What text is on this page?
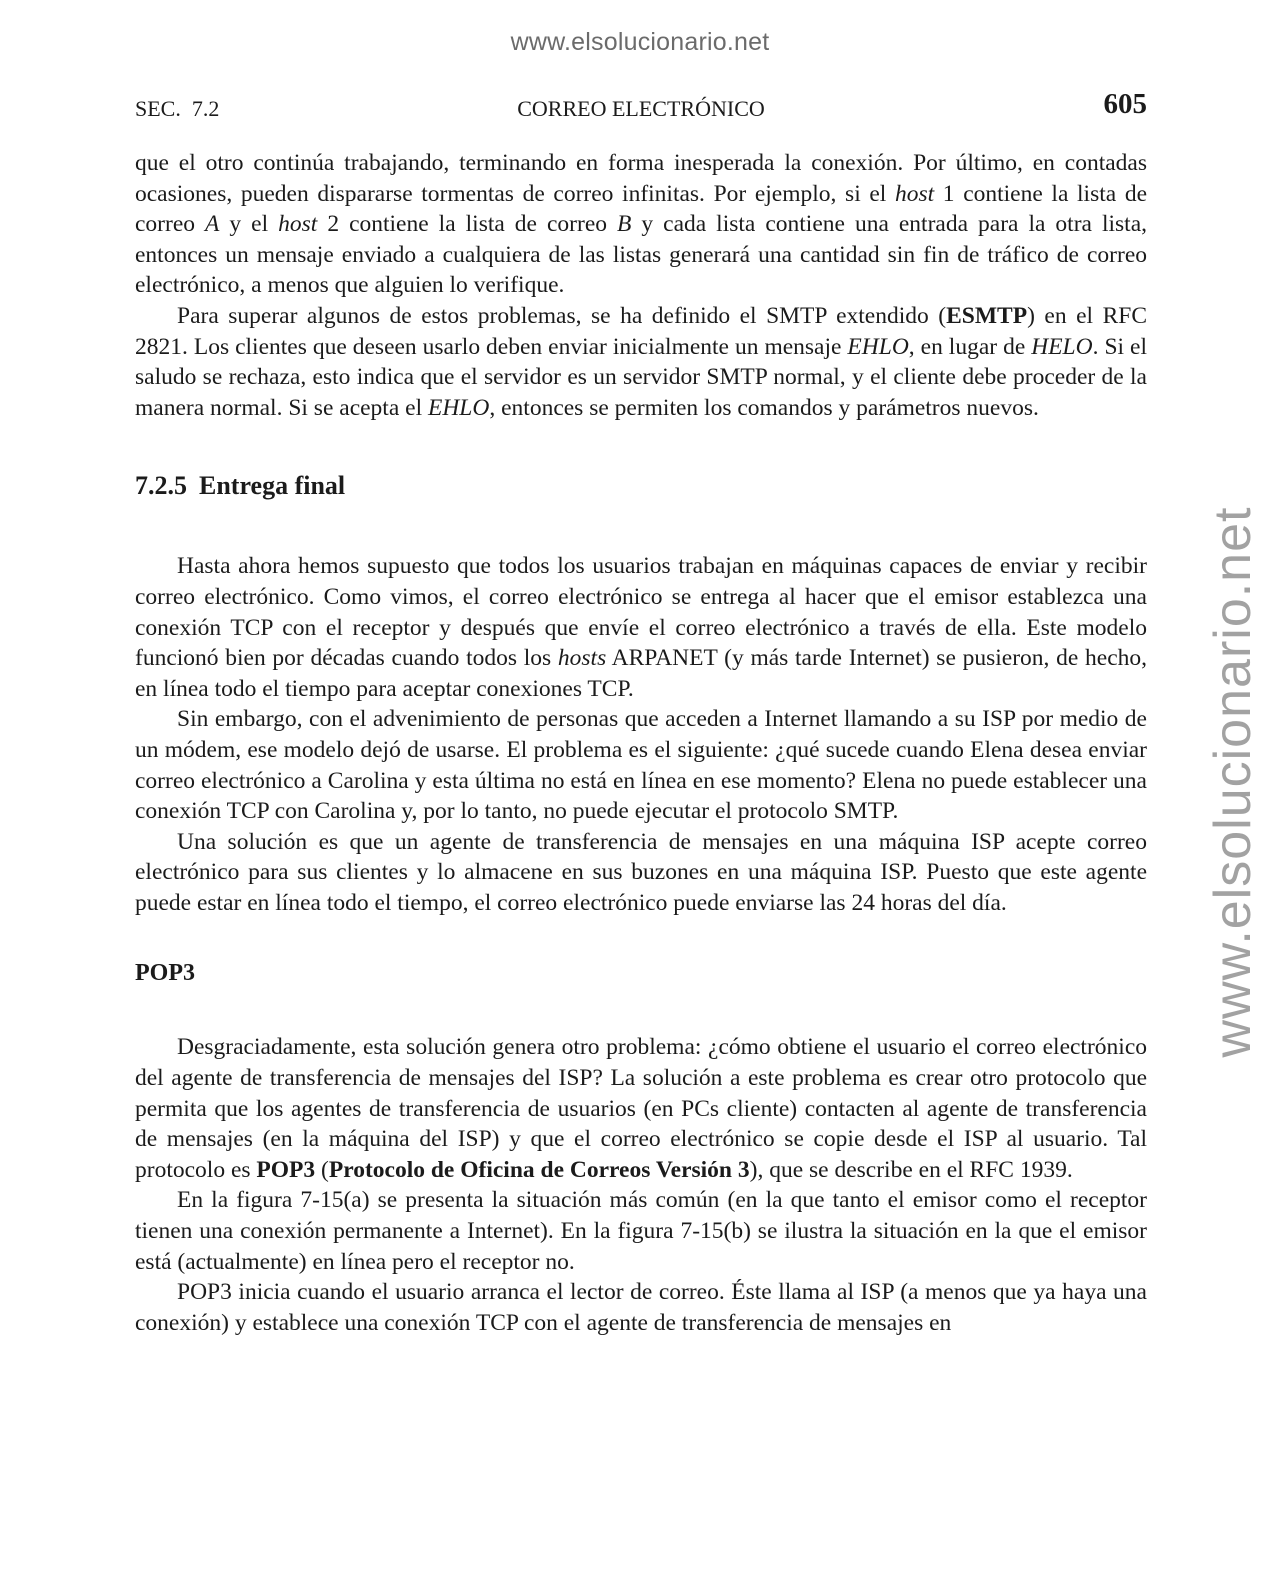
www.elsolucionario.net
www.elsolucionario.net
SEC. 7.2	CORREO ELECTRÓNICO	605

que el otro continúa trabajando, terminando en forma inesperada la conexión. Por último, en contadas ocasiones, pueden dispararse tormentas de correo infinitas. Por ejemplo, si el host 1 contiene la lista de correo A y el host 2 contiene la lista de correo B y cada lista contiene una entrada para la otra lista, entonces un mensaje enviado a cualquiera de las listas generará una cantidad sin fin de tráfico de correo electrónico, a menos que alguien lo verifique.

Para superar algunos de estos problemas, se ha definido el SMTP extendido (ESMTP) en el RFC 2821. Los clientes que deseen usarlo deben enviar inicialmente un mensaje EHLO, en lugar de HELO. Si el saludo se rechaza, esto indica que el servidor es un servidor SMTP normal, y el cliente debe proceder de la manera normal. Si se acepta el EHLO, entonces se permiten los comandos y parámetros nuevos.

7.2.5 Entrega final

Hasta ahora hemos supuesto que todos los usuarios trabajan en máquinas capaces de enviar y recibir correo electrónico. Como vimos, el correo electrónico se entrega al hacer que el emisor establezca una conexión TCP con el receptor y después que envíe el correo electrónico a través de ella. Este modelo funcionó bien por décadas cuando todos los hosts ARPANET (y más tarde Internet) se pusieron, de hecho, en línea todo el tiempo para aceptar conexiones TCP.

Sin embargo, con el advenimiento de personas que acceden a Internet llamando a su ISP por medio de un módem, ese modelo dejó de usarse. El problema es el siguiente: ¿qué sucede cuando Elena desea enviar correo electrónico a Carolina y esta última no está en línea en ese momento? Elena no puede establecer una conexión TCP con Carolina y, por lo tanto, no puede ejecutar el protocolo SMTP.

Una solución es que un agente de transferencia de mensajes en una máquina ISP acepte correo electrónico para sus clientes y lo almacene en sus buzones en una máquina ISP. Puesto que este agente puede estar en línea todo el tiempo, el correo electrónico puede enviarse las 24 horas del día.

POP3

Desgraciadamente, esta solución genera otro problema: ¿cómo obtiene el usuario el correo electrónico del agente de transferencia de mensajes del ISP? La solución a este problema es crear otro protocolo que permita que los agentes de transferencia de usuarios (en PCs cliente) contacten al agente de transferencia de mensajes (en la máquina del ISP) y que el correo electrónico se copie desde el ISP al usuario. Tal protocolo es POP3 (Protocolo de Oficina de Correos Versión 3), que se describe en el RFC 1939.

En la figura 7-15(a) se presenta la situación más común (en la que tanto el emisor como el receptor tienen una conexión permanente a Internet). En la figura 7-15(b) se ilustra la situación en la que el emisor está (actualmente) en línea pero el receptor no.

POP3 inicia cuando el usuario arranca el lector de correo. Éste llama al ISP (a menos que ya haya una conexión) y establece una conexión TCP con el agente de transferencia de mensajes en
